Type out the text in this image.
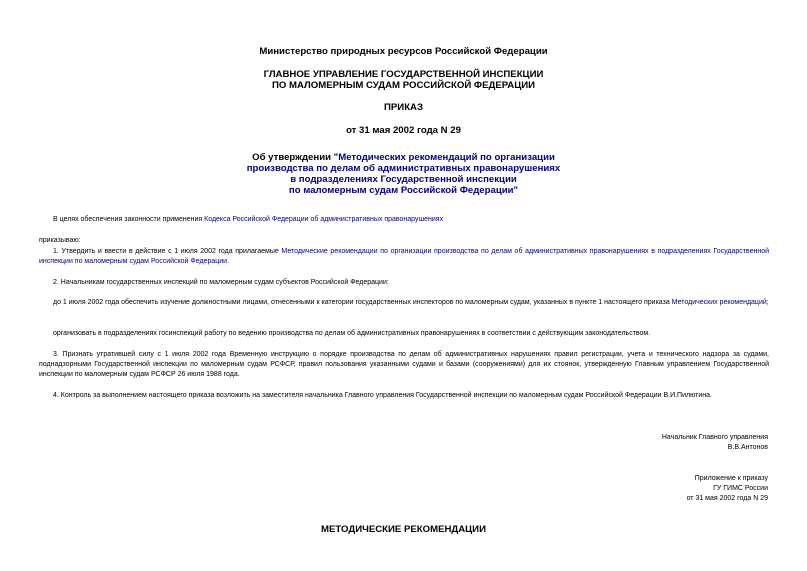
Министерство природных ресурсов Российской Федерации
ГЛАВНОЕ УПРАВЛЕНИЕ ГОСУДАРСТВЕННОЙ ИНСПЕКЦИИ
ПО МАЛОМЕРНЫМ СУДАМ РОССИЙСКОЙ ФЕДЕРАЦИИ
ПРИКАЗ
от 31 мая 2002 года N 29
Об утверждении "Методических рекомендаций по организации
производства по делам об административных правонарушениях
в подразделениях Государственной инспекции
по маломерным судам Российской Федерации"
В целях обеспечения законности применения Кодекса Российской Федерации об административных правонарушениях
приказываю:
1. Утвердить и ввести в действие с 1 июля 2002 года прилагаемые Методические рекомендации по организации производства по делам об административных правонарушениях в подразделениях Государственной инспекции по маломерным судам Российской Федерации.
2. Начальникам государственных инспекций по маломерным судам субъектов Российской Федерации:
до 1 июля 2002 года обеспечить изучение должностными лицами, отнесенными к категории государственных инспекторов по маломерным судам, указанных в пункте 1 настоящего приказа Методических рекомендаций;
организовать в подразделениях госинспекций работу по ведению производства по делам об административных правонарушениях в соответствии с действующим законодательством.
3. Признать утратившей силу с 1 июля 2002 года Временную инструкцию о порядке производства по делам об административных нарушениях правил регистрации, учета и технического надзора за судами, поднадзорными Государственной инспекции по маломерным судам РСФСР, правил пользования указанными судами и базами (сооружениями) для их стоянок, утвержденную Главным управлением Государственной инспекции по маломерным судам РСФСР 26 июля 1988 года.
4. Контроль за выполнением настоящего приказа возложить на заместителя начальника Главного управления Государственной инспекции по маломерным судам Российской Федерации В.И.Пилютина.
Начальник Главного управления
В.В.Антонов
Приложение к приказу
ГУ ГИМС России
от 31 мая 2002 года N 29
МЕТОДИЧЕСКИЕ РЕКОМЕНДАЦИИ
